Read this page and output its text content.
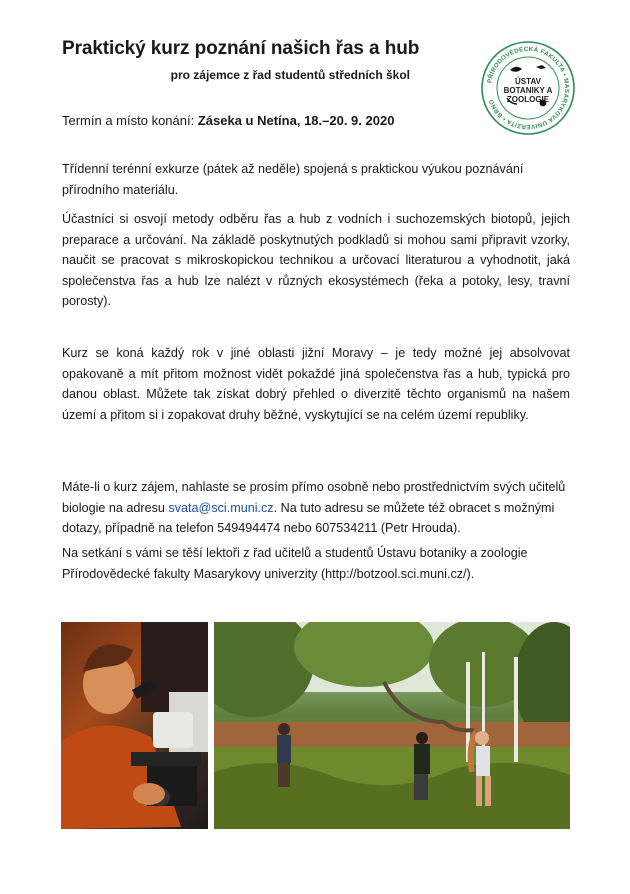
Praktický kurz poznání našich řas a hub

pro zájemce z řad studentů středních škol	PŘÍRODOVĚDECKÁ FAKULTA • MASARYKOVA UNIVERZITA • BRNO
ÚSTAV
BOTANIKY A
ZOOLOGIE

Termín a místo konání: Záseka u Netína, 18.–20. 9. 2020

Třídenní terénní exkurze (pátek až neděle) spojená s praktickou výukou poznávání přírodního materiálu.

Účastníci si osvojí metody odběru řas a hub z vodních i suchozemských biotopů, jejich preparace a určování. Na základě poskytnutých podkladů si mohou sami připravit vzorky, naučit se pracovat s mikroskopickou technikou a určovací literaturou a vyhodnotit, jaká společenstva řas a hub lze nalézt v různých ekosystémech (řeka a potoky, lesy, travní porosty).

Kurz se koná každý rok v jiné oblasti jižní Moravy – je tedy možné jej absolvovat opakovaně a mít přitom možnost vidět pokaždé jiná společenstva řas a hub, typická pro danou oblast. Můžete tak získat dobrý přehled o diverzitě těchto organismů na našem území a přitom si i zopakovat druhy běžné, vyskytující se na celém území republiky.

Máte-li o kurz zájem, nahlaste se prosím přímo osobně nebo prostřednictvím svých učitelů biologie na adresu svata@sci.muni.cz. Na tuto adresu se můžete též obracet s možnými dotazy, případně na telefon 549494474 nebo 607534211 (Petr Hrouda).

Na setkání s vámi se těší lektoři z řad učitelů a studentů Ústavu botaniky a zoologie Přírodovědecké fakulty Masarykovy univerzity (http://botzool.sci.muni.cz/).
